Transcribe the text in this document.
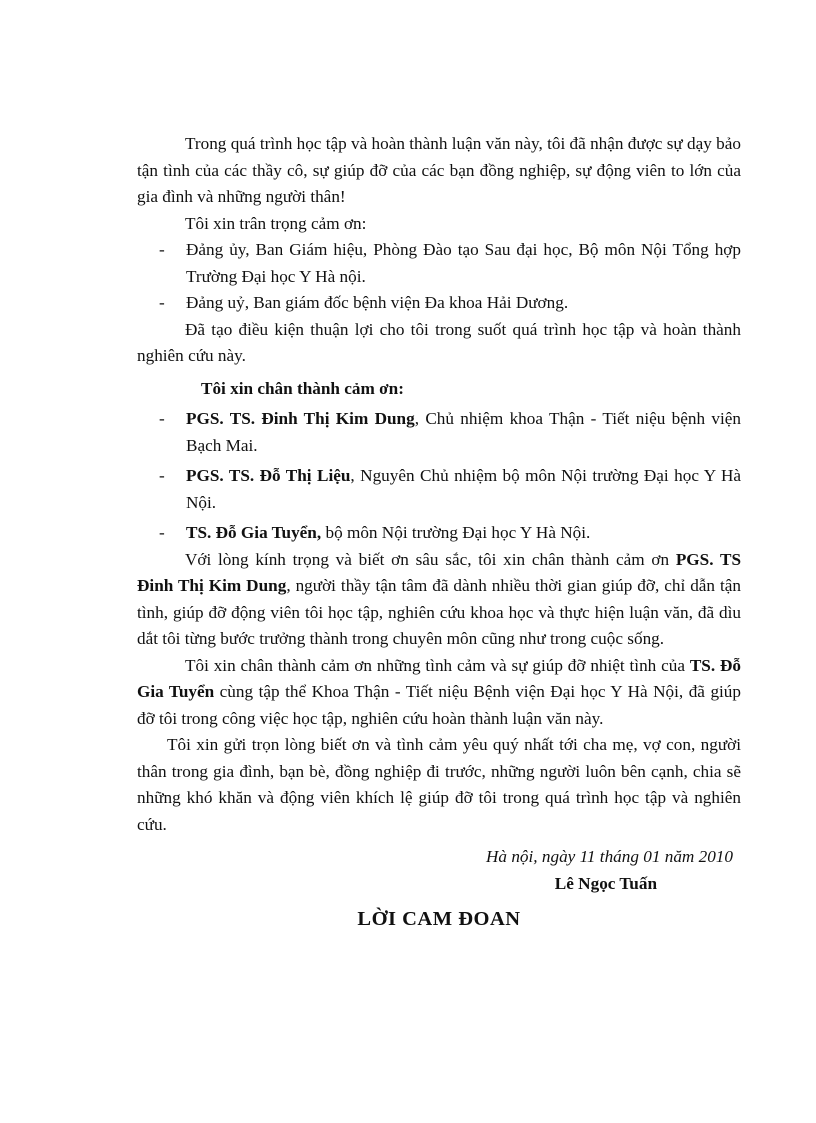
Trong quá trình học tập và hoàn thành luận văn này, tôi đã nhận được sự dạy bảo tận tình của các thầy cô, sự giúp đỡ của các bạn đồng nghiệp, sự động viên to lớn của gia đình và những người thân!

Tôi xin trân trọng cảm ơn:

- Đảng ủy, Ban Giám hiệu, Phòng Đào tạo Sau đại học, Bộ môn Nội Tổng hợp Trường Đại học Y Hà nội.
- Đảng uỷ, Ban giám đốc bệnh viện Đa khoa Hải Dương.

Đã tạo điều kiện thuận lợi cho tôi trong suốt quá trình học tập và hoàn thành nghiên cứu này.

Tôi xin chân thành cảm ơn:

- PGS. TS. Đinh Thị Kim Dung, Chủ nhiệm khoa Thận - Tiết niệu bệnh viện Bạch Mai.
- PGS. TS. Đỗ Thị Liệu, Nguyên Chủ nhiệm bộ môn Nội trường Đại học Y Hà Nội.
- TS. Đỗ Gia Tuyển, bộ môn Nội trường Đại học Y Hà Nội.

Với lòng kính trọng và biết ơn sâu sắc, tôi xin chân thành cảm ơn PGS. TS Đinh Thị Kim Dung, người thầy tận tâm đã dành nhiều thời gian giúp đỡ, chỉ dẫn tận tình, giúp đỡ động viên tôi học tập, nghiên cứu khoa học và thực hiện luận văn, đã dìu dắt tôi từng bước trưởng thành trong chuyên môn cũng như trong cuộc sống.

Tôi xin chân thành cảm ơn những tình cảm và sự giúp đỡ nhiệt tình của TS. Đỗ Gia Tuyển cùng tập thể Khoa Thận - Tiết niệu Bệnh viện Đại học Y Hà Nội, đã giúp đỡ tôi trong công việc học tập, nghiên cứu hoàn thành luận văn này.

Tôi xin gửi trọn lòng biết ơn và tình cảm yêu quý nhất tới cha mẹ, vợ con, người thân trong gia đình, bạn bè, đồng nghiệp đi trước, những người luôn bên cạnh, chia sẽ những khó khăn và động viên khích lệ giúp đỡ tôi trong quá trình học tập và nghiên cứu.

Hà nội, ngày 11 tháng 01 năm 2010

Lê Ngọc Tuấn

LỜI CAM ĐOAN
